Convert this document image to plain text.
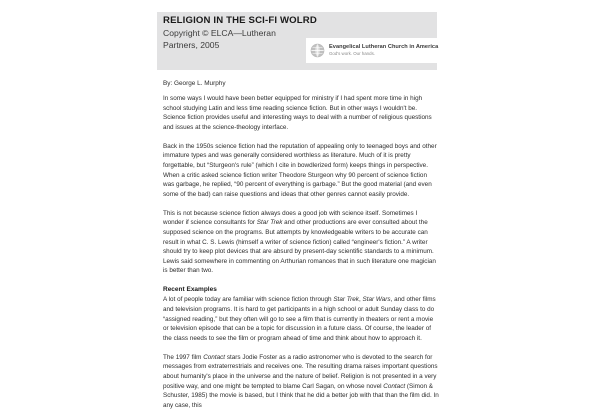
RELIGION IN THE SCI-FI WOLRD
Copyright © ELCA—Lutheran Partners, 2005	Evangelical Lutheran Church in America
God's work. Our hands.
By: George L. Murphy

In some ways I would have been better equipped for ministry if I had spent more time in high school studying Latin and less time reading science fiction. But in other ways I wouldn't be. Science fiction provides useful and interesting ways to deal with a number of religious questions and issues at the science-theology interface.

Back in the 1950s science fiction had the reputation of appealing only to teenaged boys and other immature types and was generally considered worthless as literature. Much of it is pretty forgettable, but “Sturgeon's rule” (which I cite in bowdlerized form) keeps things in perspective. When a critic asked science fiction writer Theodore Sturgeon why 90 percent of science fiction was garbage, he replied, “90 percent of everything is garbage.” But the good material (and even some of the bad) can raise questions and ideas that other genres cannot easily provide.

This is not because science fiction always does a good job with science itself. Sometimes I wonder if science consultants for Star Trek and other productions are ever consulted about the supposed science on the programs. But attempts by knowledgeable writers to be accurate can result in what C. S. Lewis (himself a writer of science fiction) called “engineer's fiction.” A writer should try to keep plot devices that are absurd by present-day scientific standards to a minimum. Lewis said somewhere in commenting on Arthurian romances that in such literature one magician is better than two.

Recent Examples

A lot of people today are familiar with science fiction through Star Trek, Star Wars, and other films and television programs. It is hard to get participants in a high school or adult Sunday class to do “assigned reading,” but they often will go to see a film that is currently in theaters or rent a movie or television episode that can be a topic for discussion in a future class. Of course, the leader of the class needs to see the film or program ahead of time and think about how to approach it.

The 1997 film Contact stars Jodie Foster as a radio astronomer who is devoted to the search for messages from extraterrestrials and receives one. The resulting drama raises important questions about humanity's place in the universe and the nature of belief. Religion is not presented in a very positive way, and one might be tempted to blame Carl Sagan, on whose novel Contact (Simon & Schuster, 1985) the movie is based, but I think that he did a better job with that than the film did. In any case, this
